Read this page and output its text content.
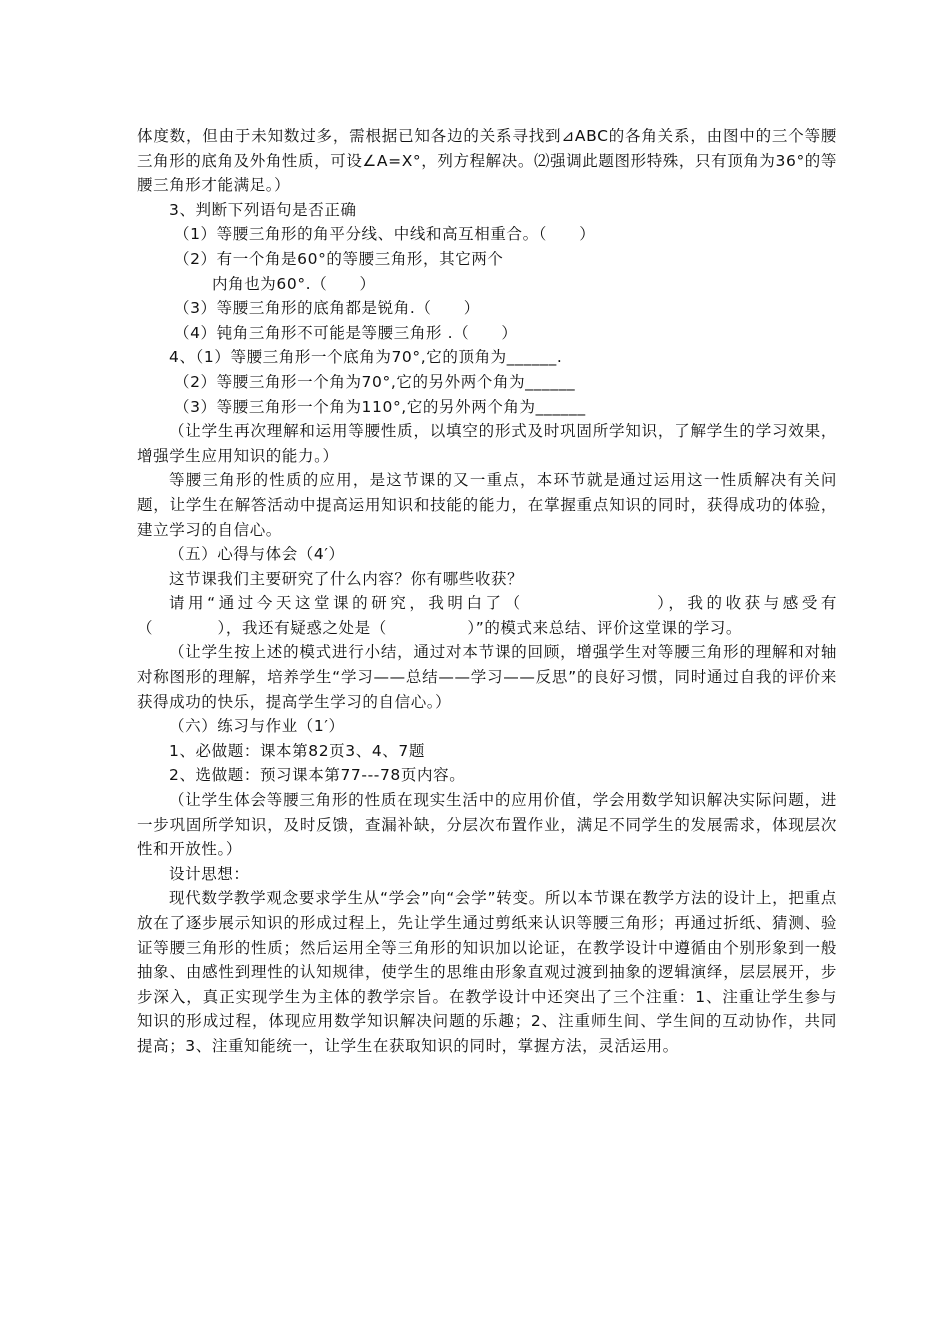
体度数，但由于未知数过多，需根据已知各边的关系寻找到⊿ABC的各角关系，由图中的三个等腰三角形的底角及外角性质，可设∠A=X°，列方程解决。⑵强调此题图形特殊，只有顶角为36°的等腰三角形才能满足。）

3、判断下列语句是否正确

（1）等腰三角形的角平分线、中线和高互相重合。（　　）

（2）有一个角是60°的等腰三角形，其它两个

内角也为60°.（　　）

（3）等腰三角形的底角都是锐角.（　　）

（4）钝角三角形不可能是等腰三角形 .（　　）

4、（1）等腰三角形一个底角为70°,它的顶角为______.

（2）等腰三角形一个角为70°,它的另外两个角为______

（3）等腰三角形一个角为110°,它的另外两个角为______

（让学生再次理解和运用等腰性质，以填空的形式及时巩固所学知识，了解学生的学习效果，增强学生应用知识的能力。）

等腰三角形的性质的应用，是这节课的又一重点，本环节就是通过运用这一性质解决有关问题，让学生在解答活动中提高运用知识和技能的能力，在掌握重点知识的同时，获得成功的体验，建立学习的自信心。

（五）心得与体会（4′）

这节课我们主要研究了什么内容？你有哪些收获？

请用“通过今天这堂课的研究，我明白了（　　　　　　　），我的收获与感受有（　　　　），我还有疑惑之处是（　　　　　）”的模式来总结、评价这堂课的学习。

（让学生按上述的模式进行小结，通过对本节课的回顾，增强学生对等腰三角形的理解和对轴对称图形的理解，培养学生“学习——总结——学习——反思”的良好习惯，同时通过自我的评价来获得成功的快乐，提高学生学习的自信心。）

（六）练习与作业（1′）

1、必做题：课本第82页3、4、7题

2、选做题：预习课本第77---78页内容。

（让学生体会等腰三角形的性质在现实生活中的应用价值，学会用数学知识解决实际问题，进一步巩固所学知识，及时反馈，查漏补缺，分层次布置作业，满足不同学生的发展需求，体现层次性和开放性。）

设计思想：

现代数学教学观念要求学生从“学会”向“会学”转变。所以本节课在教学方法的设计上，把重点放在了逐步展示知识的形成过程上，先让学生通过剪纸来认识等腰三角形；再通过折纸、猜测、验证等腰三角形的性质；然后运用全等三角形的知识加以论证，在教学设计中遵循由个别形象到一般抽象、由感性到理性的认知规律，使学生的思维由形象直观过渡到抽象的逻辑演绎，层层展开，步步深入，真正实现学生为主体的教学宗旨。在教学设计中还突出了三个注重：1、注重让学生参与知识的形成过程，体现应用数学知识解决问题的乐趣；2、注重师生间、学生间的互动协作，共同提高；3、注重知能统一，让学生在获取知识的同时，掌握方法，灵活运用。
